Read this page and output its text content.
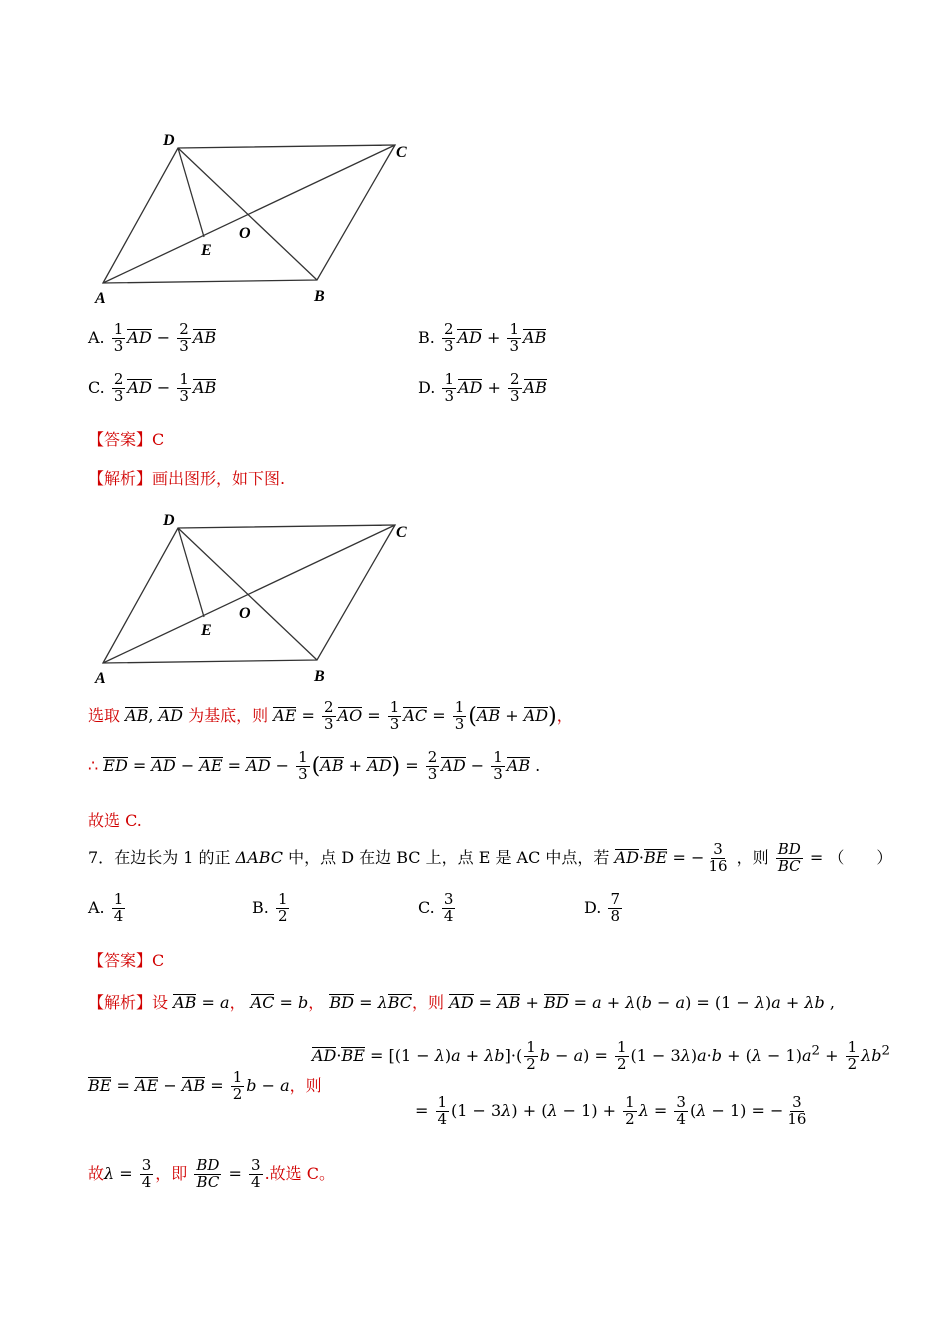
A	B
C
D
E
O
A. $\frac{1}{3}$ AD − $\frac{2}{3}$ AB	B. $\frac{2}{3}$ AD + $\frac{1}{3}$ AB
C. $\frac{2}{3}$ AD − $\frac{1}{3}$ AB	D. $\frac{1}{3}$ AD + $\frac{2}{3}$ AB
【答案】C
【解析】画出图形，如下图.
A	B
C
D
E
O
选取 AB, AD 为基底，则 AE = $\frac{2}{3}$ AO = $\frac{1}{3}$ AC = $\frac{1}{3} (AB + AD)$，
∴ ED = AD − AE = AD − $\frac{1}{3} (AB + AD) = \frac{2}{3}$ AD − $\frac{1}{3}$ AB .
故选 C.
7．在边长为 1 的正 ΔABC 中，点 D 在边 BC 上，点 E 是 AC 中点，若 AD·BE = − $\frac{3}{16}$ ，则 $\frac{BD}{BC}$ = （　　）
A. $\frac{1}{4}$	B. $\frac{1}{2}$	C. $\frac{3}{4}$	D. $\frac{7}{8}$
【答案】C
【解析】设 AB = a， AC = b， BD = λBC，则 AD = AB + BD = a + λ(b − a) = (1 − λ)a + λb ,
$AD\cdot BE = [(1 - \lambda)a + \lambda b]\cdot( \frac{1}{2}$ $b - a) = \frac{1}{2} (1 - 3\lambda)a\cdot b + (\lambda - 1)a^2 + \frac{1}{2} \lambda b^2$
BE = AE − AB = $\frac{1}{2}$ b − a，则
= $\frac{1}{4} (1 - 3\lambda) + (\lambda - 1) + \frac{1}{2}$ $\lambda = \frac{3}{4} (\lambda - 1)$ = − $\frac{3}{16}$
故$\lambda = \frac{3}{4}$ ，即 $\frac{BD}{BC} = \frac{3}{4}$ .故选 C。
